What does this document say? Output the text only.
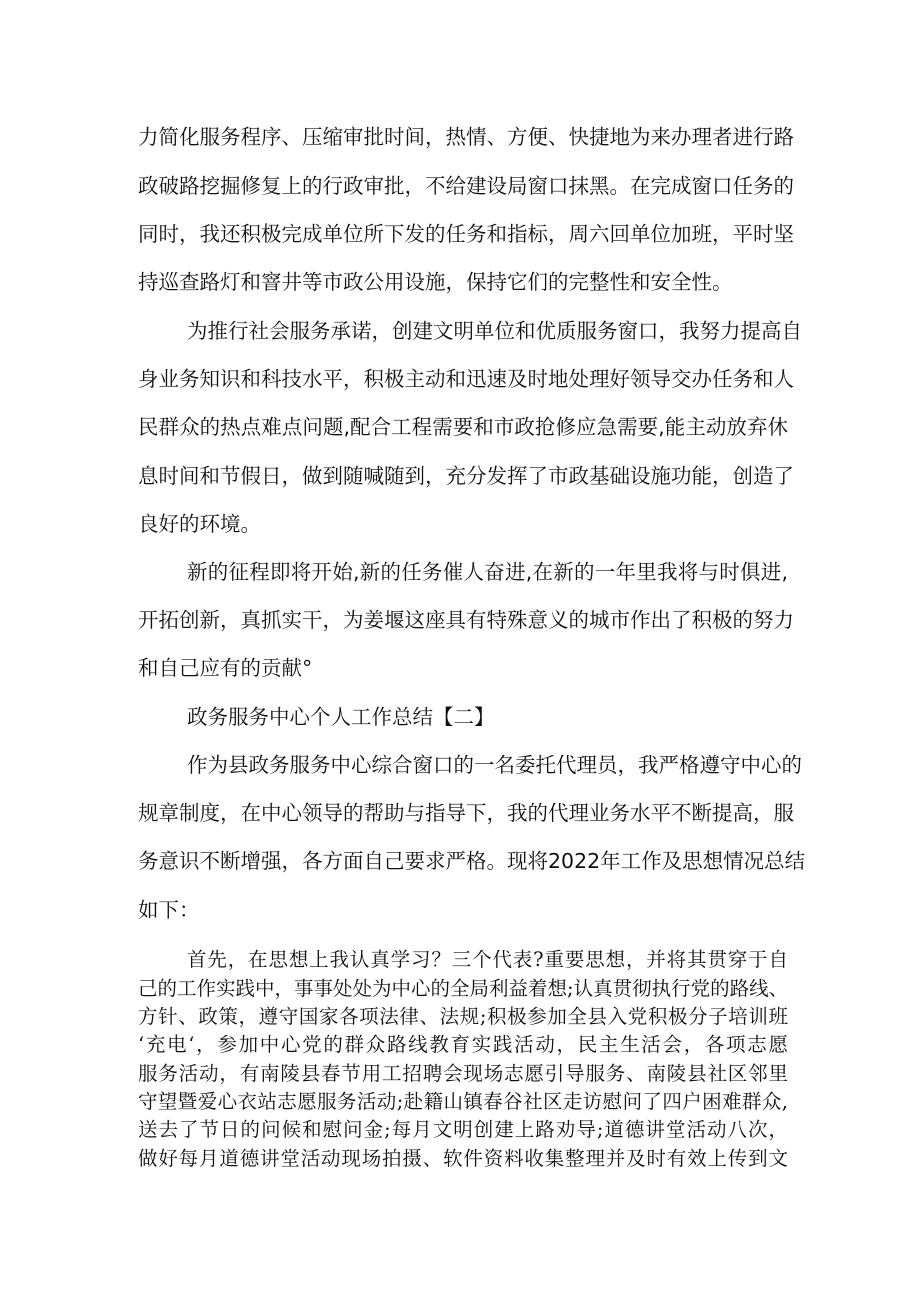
力简化服务程序、压缩审批时间，热情、方便、快捷地为来办理者进行路
政破路挖掘修复上的行政审批，不给建设局窗口抹黑。在完成窗口任务的
同时，我还积极完成单位所下发的任务和指标，周六回单位加班，平时坚
持巡查路灯和窨井等市政公用设施，保持它们的完整性和安全性。
为推行社会服务承诺，创建文明单位和优质服务窗口，我努力提高自
身业务知识和科技水平，积极主动和迅速及时地处理好领导交办任务和人
民群众的热点难点问题,配合工程需要和市政抢修应急需要,能主动放弃休
息时间和节假日，做到随喊随到，充分发挥了市政基础设施功能，创造了
良好的环境。
新的征程即将开始,新的任务催人奋进,在新的一年里我将与时俱进,
开拓创新，真抓实干，为姜堰这座具有特殊意义的城市作出了积极的努力
和自己应有的贡献°
政务服务中心个人工作总结【二】
作为县政务服务中心综合窗口的一名委托代理员，我严格遵守中心的
规章制度，在中心领导的帮助与指导下，我的代理业务水平不断提高，服
务意识不断增强，各方面自己要求严格。现将2022年工作及思想情况总结
如下：
首先，在思想上我认真学习？三个代表?重要思想，并将其贯穿于自
己的工作实践中，事事处处为中心的全局利益着想;认真贯彻执行党的路线、
方针、政策，遵守国家各项法律、法规;积极参加全县入党积极分子培训班
‘充电‘，参加中心党的群众路线教育实践活动，民主生活会，各项志愿
服务活动，有南陵县春节用工招聘会现场志愿引导服务、南陵县社区邻里
守望暨爱心衣站志愿服务活动;赴籍山镇春谷社区走访慰问了四户困难群众,
送去了节日的问候和慰问金;每月文明创建上路劝导;道德讲堂活动八次，
做好每月道德讲堂活动现场拍摄、软件资料收集整理并及时有效上传到文
